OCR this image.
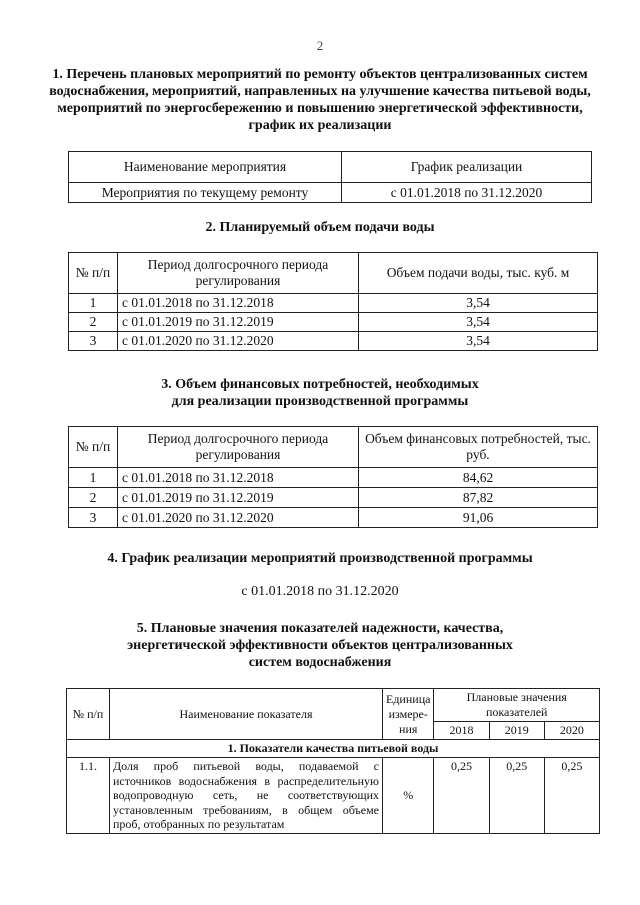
2
1. Перечень плановых мероприятий по ремонту объектов централизованных систем водоснабжения, мероприятий, направленных на улучшение качества питьевой воды, мероприятий по энергосбережению и повышению энергетической эффективности, график их реализации
Наименование мероприятия	График реализации
Мероприятия по текущему ремонту	с 01.01.2018 по 31.12.2020
2. Планируемый объем подачи воды
№ п/п	Период долгосрочного периода регулирования	Объем подачи воды, тыс. куб. м
1	с 01.01.2018 по 31.12.2018	3,54
2	с 01.01.2019 по 31.12.2019	3,54
3	с 01.01.2020 по 31.12.2020	3,54
3. Объем финансовых потребностей, необходимых для реализации производственной программы
№ п/п	Период долгосрочного периода регулирования	Объем финансовых потребностей, тыс. руб.
1	с 01.01.2018 по 31.12.2018	84,62
2	с 01.01.2019 по 31.12.2019	87,82
3	с 01.01.2020 по 31.12.2020	91,06
4. График реализации мероприятий производственной программы
с 01.01.2018 по 31.12.2020
5. Плановые значения показателей надежности, качества, энергетической эффективности объектов централизованных систем водоснабжения
№ п/п	Наименование показателя	Единица измере-ния	Плановые значения показателей		
			2018	2019	2020
1. Показатели качества питьевой воды					
1.1.	Доля проб питьевой воды, подаваемой с источников водоснабжения в распределительную водопроводную сеть, не соответствующих установленным требованиям, в общем объеме проб, отобранных по результатам	%	0,25	0,25	0,25
